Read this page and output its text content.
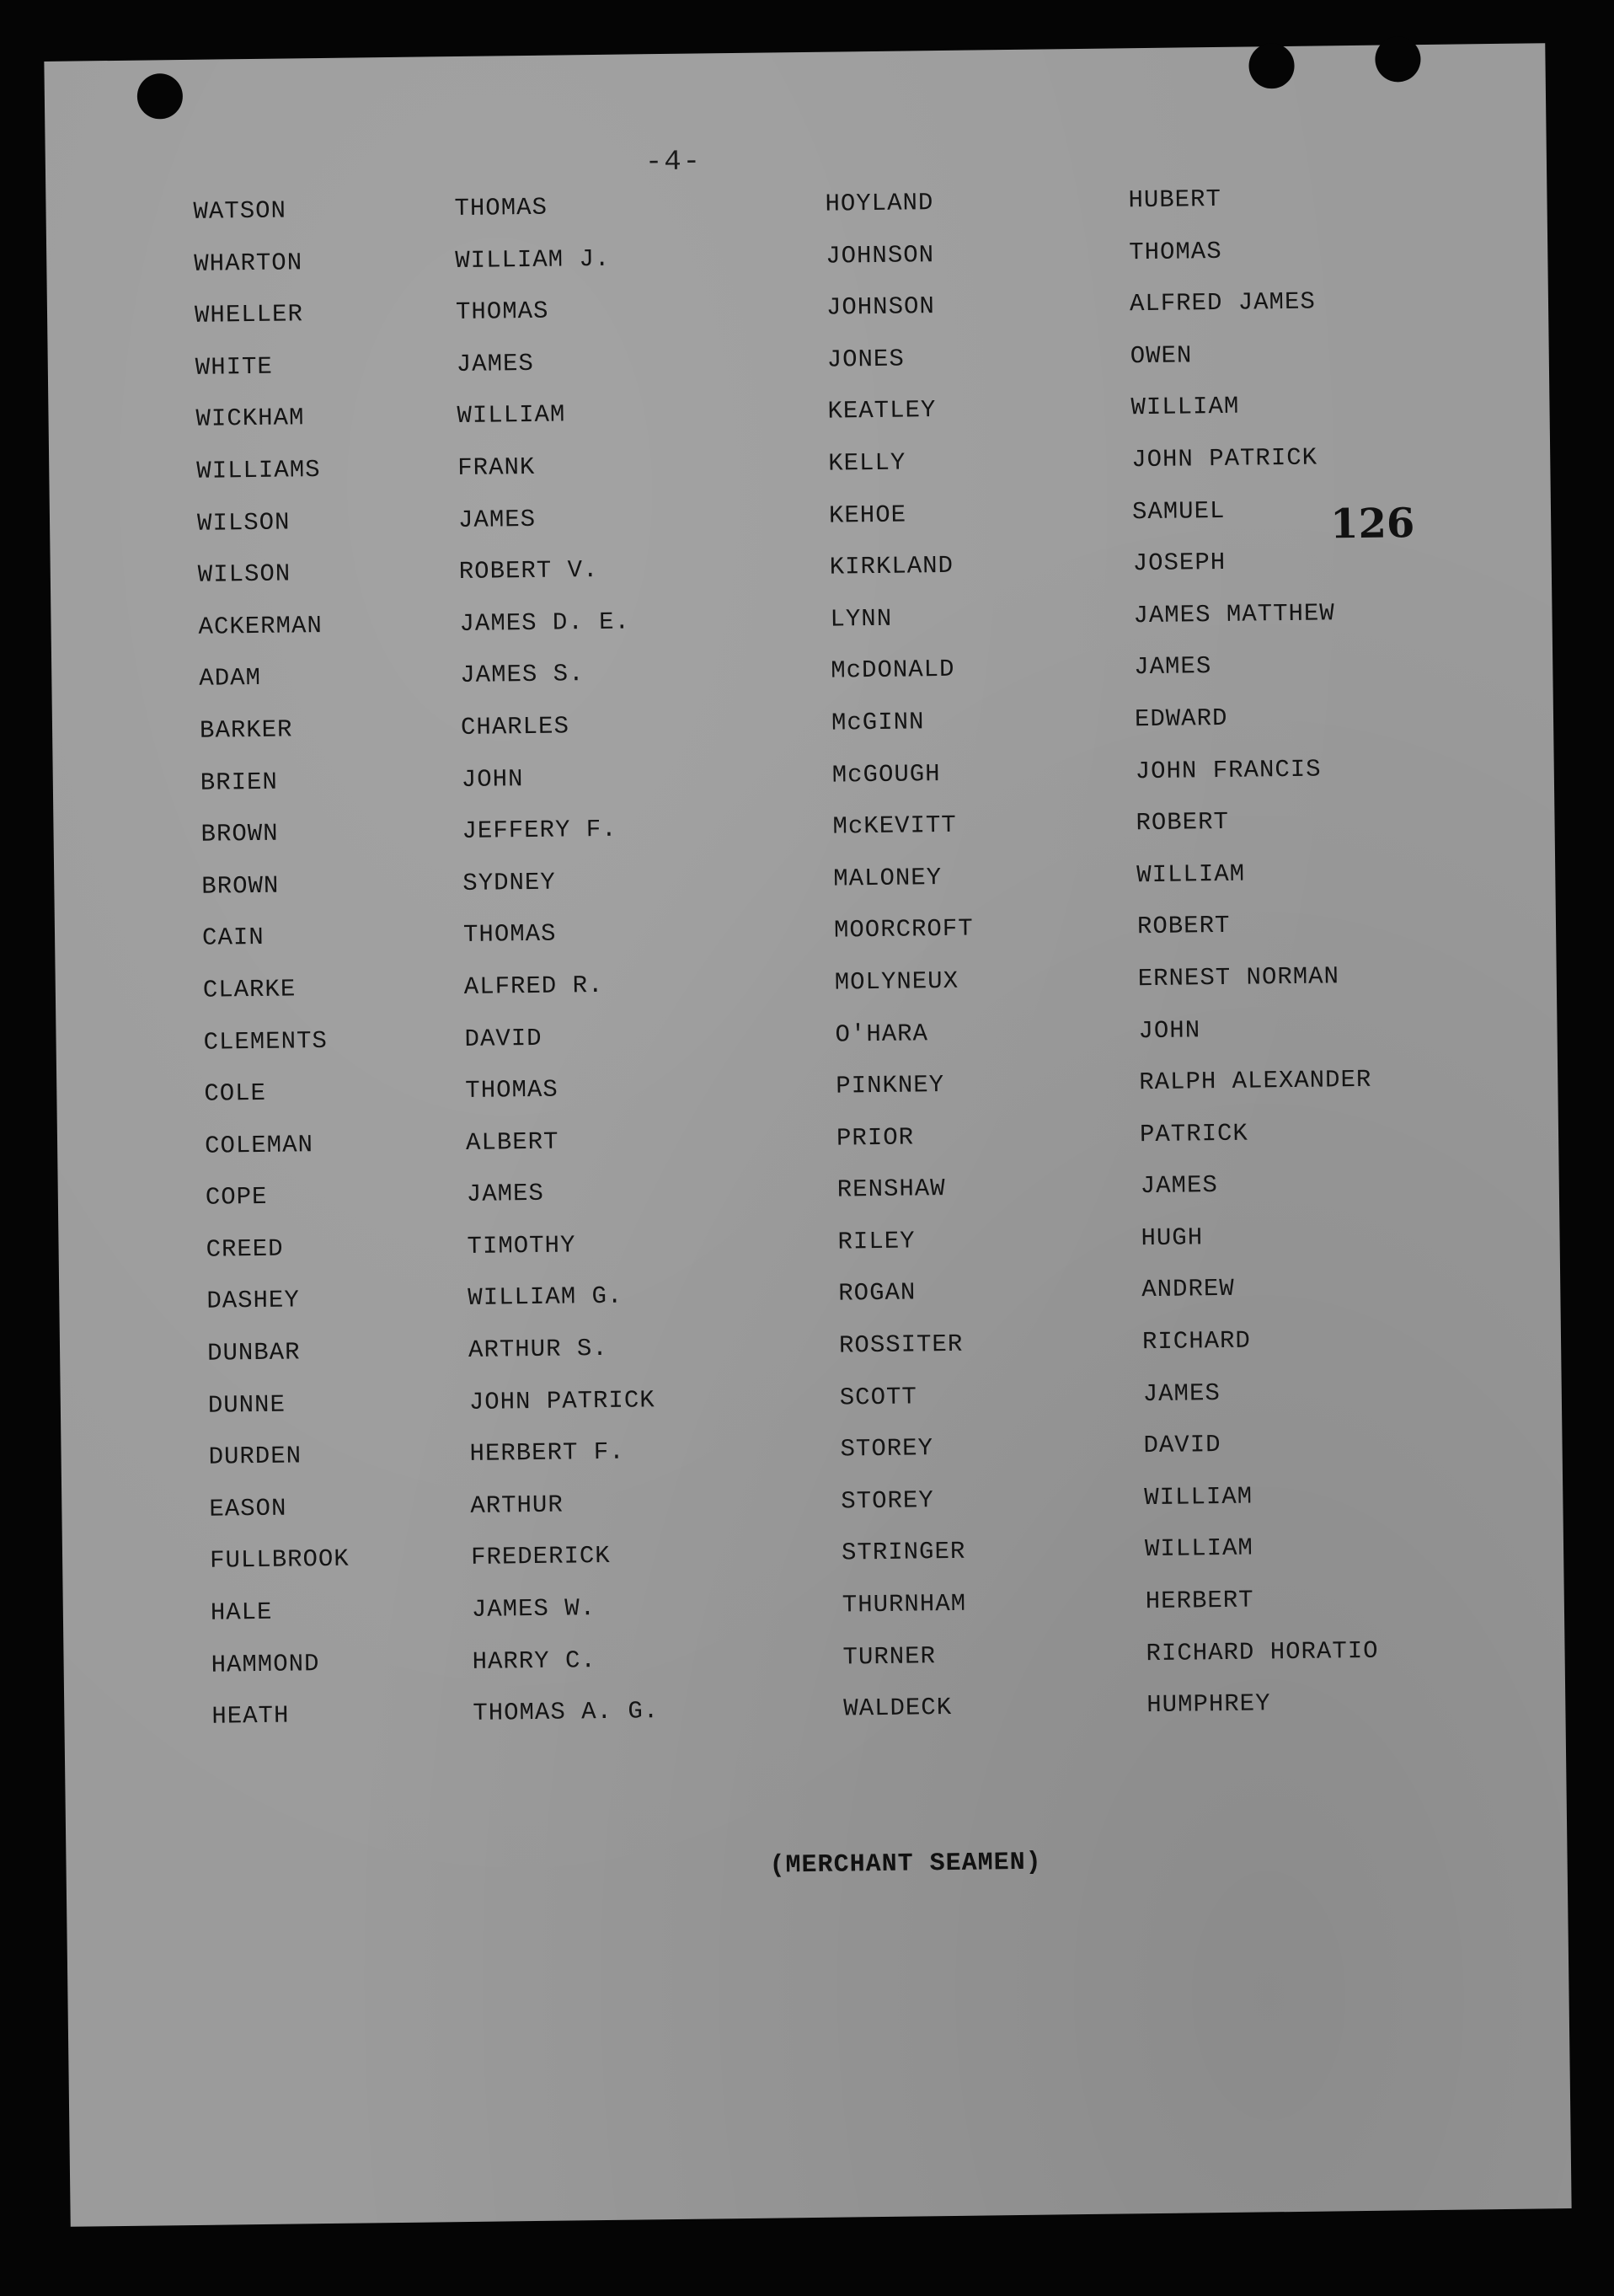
-4-
126
WATSON
WHARTON
WHELLER
WHITE
WICKHAM
WILLIAMS
WILSON
WILSON
ACKERMAN
ADAM
BARKER
BRIEN
BROWN
BROWN
CAIN
CLARKE
CLEMENTS
COLE
COLEMAN
COPE
CREED
DASHEY
DUNBAR
DUNNE
DURDEN
EASON
FULLBROOK
HALE
HAMMOND
HEATH
THOMAS
WILLIAM J.
THOMAS
JAMES
WILLIAM
FRANK
JAMES
ROBERT V.
JAMES D. E.
JAMES S.
CHARLES
JOHN
JEFFERY F.
SYDNEY
THOMAS
ALFRED R.
DAVID
THOMAS
ALBERT
JAMES
TIMOTHY
WILLIAM G.
ARTHUR S.
JOHN PATRICK
HERBERT F.
ARTHUR
FREDERICK
JAMES W.
HARRY C.
THOMAS A. G.
HOYLAND
JOHNSON
JOHNSON
JONES
KEATLEY
KELLY
KEHOE
KIRKLAND
LYNN
McDONALD
McGINN
McGOUGH
McKEVITT
MALONEY
MOORCROFT
MOLYNEUX
O'HARA
PINKNEY
PRIOR
RENSHAW
RILEY
ROGAN
ROSSITER
SCOTT
STOREY
STOREY
STRINGER
THURNHAM
TURNER
WALDECK
HUBERT
THOMAS
ALFRED JAMES
OWEN
WILLIAM
JOHN PATRICK
SAMUEL
JOSEPH
JAMES MATTHEW
JAMES
EDWARD
JOHN FRANCIS
ROBERT
WILLIAM
ROBERT
ERNEST NORMAN
JOHN
RALPH ALEXANDER
PATRICK
JAMES
HUGH
ANDREW
RICHARD
JAMES
DAVID
WILLIAM
WILLIAM
HERBERT
RICHARD HORATIO
HUMPHREY
(MERCHANT SEAMEN)
